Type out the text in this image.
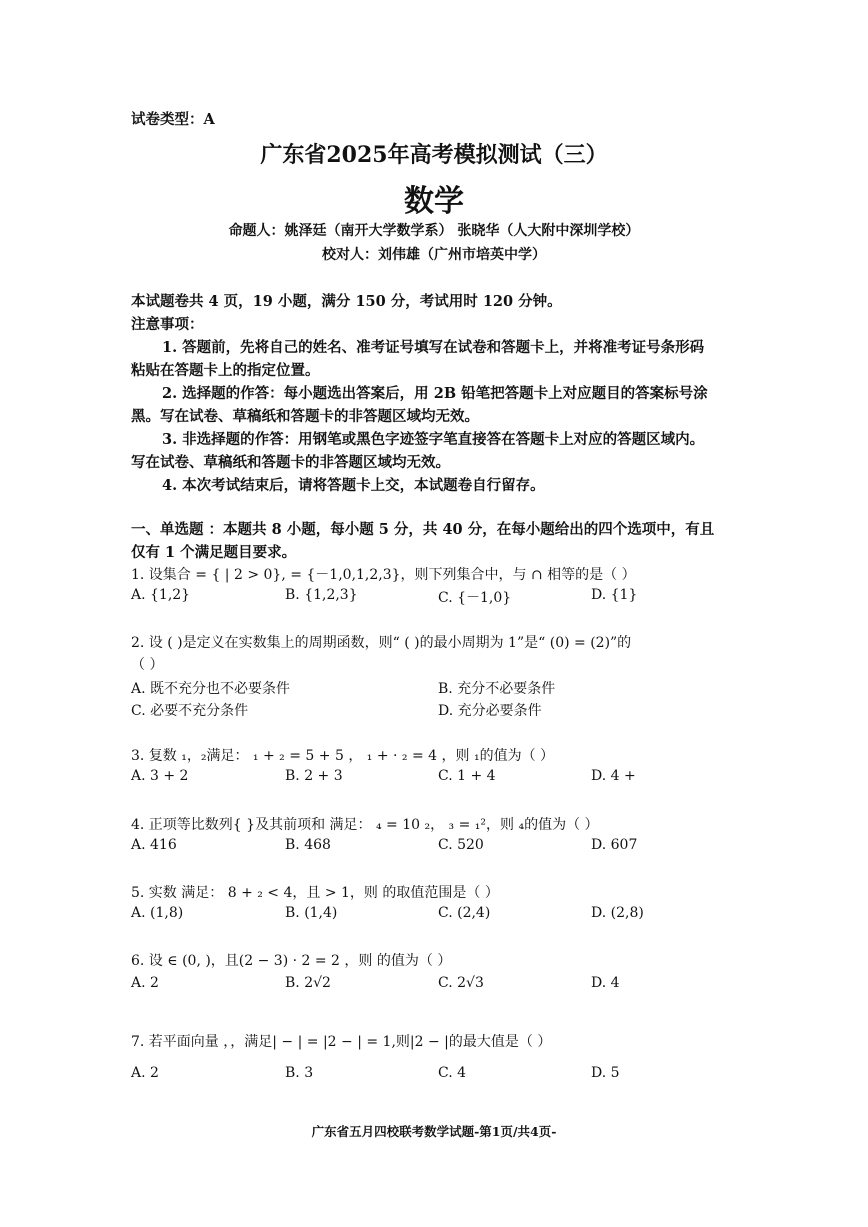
试卷类型：A
广东省2025年高考模拟测试（三）
数学
命题人：姚泽廷（南开大学数学系） 张晓华（人大附中深圳学校）
校对人：刘伟雄（广州市培英中学）
本试题卷共 4 页，19 小题，满分 150 分，考试用时 120 分钟。
注意事项：
1. 答题前，先将自己的姓名、准考证号填写在试卷和答题卡上，并将准考证号条形码
粘贴在答题卡上的指定位置。
2. 选择题的作答：每小题选出答案后，用 2B 铅笔把答题卡上对应题目的答案标号涂
黑。写在试卷、草稿纸和答题卡的非答题区域均无效。
3. 非选择题的作答：用钢笔或黑色字迹签字笔直接答在答题卡上对应的答题区域内。
写在试卷、草稿纸和答题卡的非答题区域均无效。
4. 本次考试结束后，请将答题卡上交，本试题卷自行留存。
一、单选题 ：本题共 8 小题，每小题 5 分，共 40 分，在每小题给出的四个选项中，有且
仅有 1 个满足题目要求。
1. 设集合 = { | 2 > 0}, = {－1,0,1,2,3}，则下列集合中，与 ∩ 相等的是（ ）
A. {1,2}	B. {1,2,3}	C. {－1,0}	D. {1}
2. 设 ( )是定义在实数集上的周期函数，则“ ( )的最小周期为 1”是“ (0) = (2)”的
（ ）
A. 既不充分也不必要条件	B. 充分不必要条件
C. 必要不充分条件	D. 充分必要条件
3. 复数 ₁，₂满足： ₁ + ₂ = 5 + 5 ， ₁ + · ₂ = 4 ，则 ₁的值为（ ）
A. 3 + 2	B. 2 + 3	C. 1 + 4	D. 4 +
4. 正项等比数列{ }及其前项和 满足： ₄ = 10 ₂， ₃ = ₁²，则 ₄的值为（ ）
A. 416	B. 468	C. 520	D. 607
5. 实数 满足： 8 + ₂ < 4，且 > 1，则 的取值范围是（ ）
A. (1,8)	B. (1,4)	C. (2,4)	D. (2,8)
6. 设 ∈ (0, )，且(2 − 3) · 2 = 2 ，则 的值为（ ）
A. 2	B. 2√2	C. 2√3	D. 4
7. 若平面向量 ，，满足| − | = |2 − | = 1,则|2 − |的最大值是（ ）
A. 2	B. 3	C. 4	D. 5
广东省五月四校联考数学试题-第1页/共4页-
